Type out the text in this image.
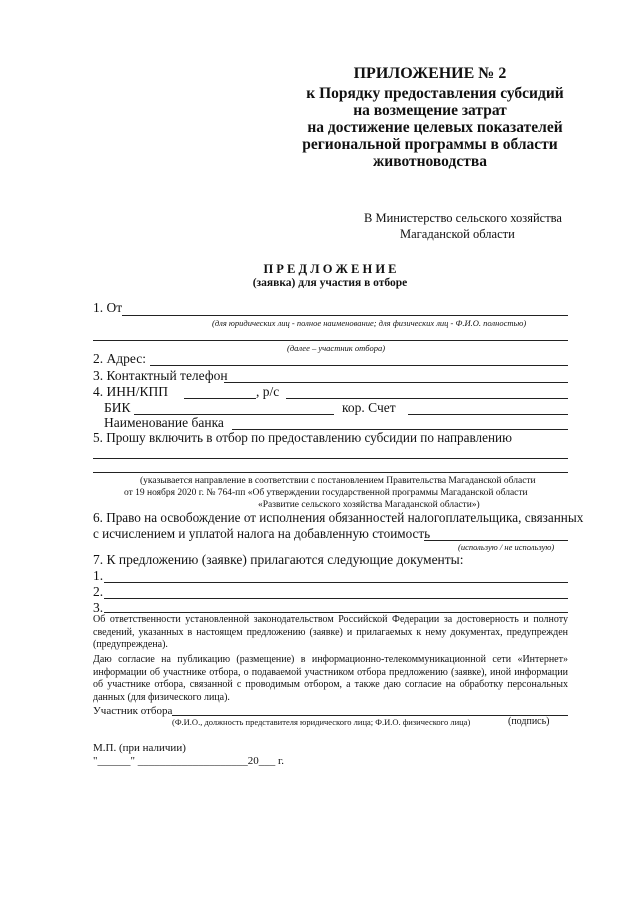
ПРИЛОЖЕНИЕ № 2
к Порядку предоставления субсидий
на возмещение затрат
на достижение целевых показателей
региональной программы в области
животноводства
В Министерство сельского хозяйства
Магаданской области
П Р Е Д Л О Ж Е Н И Е
(заявка) для участия в отборе
1. От
(для юридических лиц - полное наименование; для физических лиц - Ф.И.О. полностью)
(далее – участник отбора)
2. Адрес:
3. Контактный телефон
4. ИНН/КПП	, р/с
БИК	кор. Счет
Наименование банка
5. Прошу включить в отбор по предоставлению субсидии по направлению
(указывается направление в соответствии с постановлением Правительства Магаданской области
от 19 ноября 2020 г. № 764-пп «Об утверждении государственной программы Магаданской области
«Развитие сельского хозяйства Магаданской области»)
6. Право на освобождение от исполнения обязанностей налогоплательщика, связанных
с исчислением и уплатой налога на добавленную стоимость
(использую / не использую)
7. К предложению (заявке) прилагаются следующие документы:
1.
2.
3.
Об ответственности установленной законодательством Российской Федерации за достоверность и полноту сведений, указанных в настоящем предложению (заявке) и прилагаемых к нему документах, предупрежден (предупреждена).
Даю согласие на публикацию (размещение) в информационно-телекоммуникационной сети «Интернет» информации об участнике отбора, о подаваемой участником отбора предложению (заявке), иной информации об участнике отбора, связанной с проводимым отбором, а также даю согласие на обработку персональных данных (для физического лица).
Участник отбора
(Ф.И.О., должность представителя юридического лица; Ф.И.О. физического лица)	(подпись)
М.П. (при наличии)
"______" ____________________20___ г.
